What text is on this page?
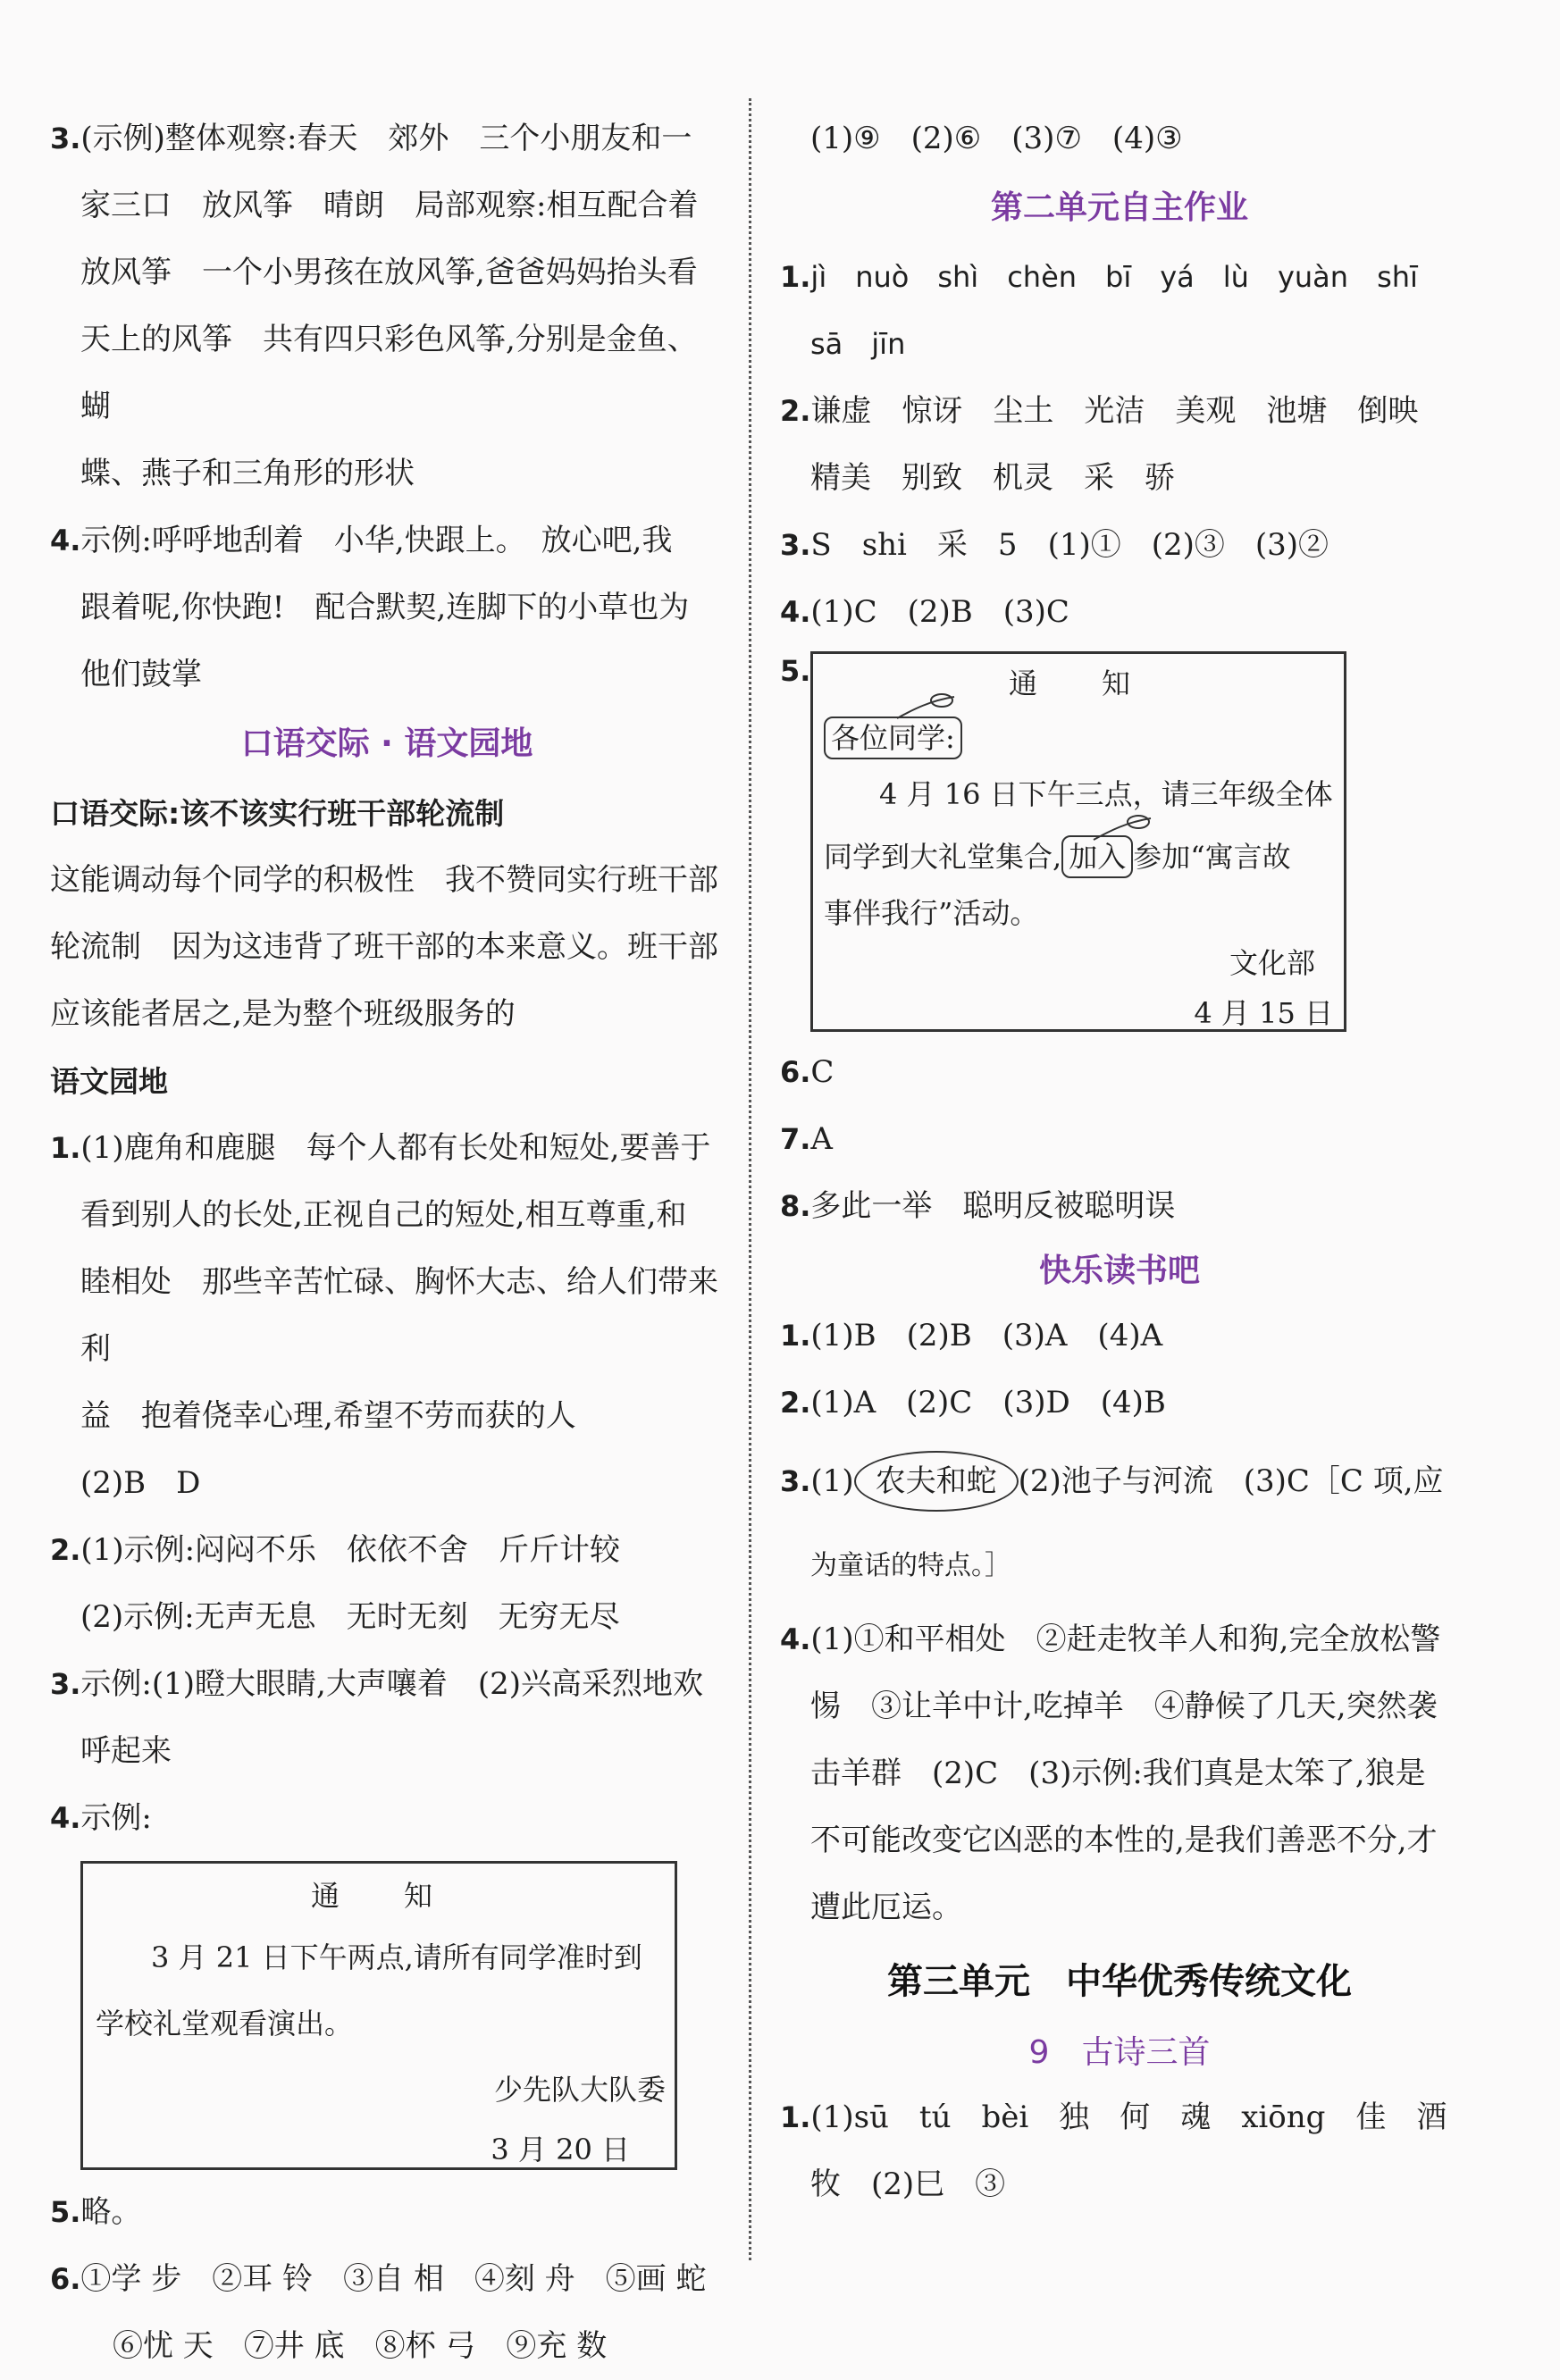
3.(示例)整体观察:春天　郊外　三个小朋友和一

家三口　放风筝　晴朗　局部观察:相互配合着

放风筝　一个小男孩在放风筝,爸爸妈妈抬头看

天上的风筝　共有四只彩色风筝,分别是金鱼、蝴

蝶、燕子和三角形的形状

4.示例:呼呼地刮着　小华,快跟上。　放心吧,我

跟着呢,你快跑!　配合默契,连脚下的小草也为

他们鼓掌

口语交际 · 语文园地

口语交际:该不该实行班干部轮流制

这能调动每个同学的积极性　我不赞同实行班干部

轮流制　因为这违背了班干部的本来意义。班干部

应该能者居之,是为整个班级服务的

语文园地

1.(1)鹿角和鹿腿　每个人都有长处和短处,要善于

看到别人的长处,正视自己的短处,相互尊重,和

睦相处　那些辛苦忙碌、胸怀大志、给人们带来利

益　抱着侥幸心理,希望不劳而获的人

(2)B　D

2.(1)示例:闷闷不乐　依依不舍　斤斤计较

(2)示例:无声无息　无时无刻　无穷无尽

3.示例:(1)瞪大眼睛,大声嚷着　(2)兴高采烈地欢

呼起来

4.示例:

通　知
3 月 21 日下午两点,请所有同学准时到
学校礼堂观看演出。
少先队大队委
3 月 20 日

5.略。

6.①学 步　②耳 铃　③自 相　④刻 舟　⑤画 蛇

⑥忧 天　⑦井 底　⑧杯 弓　⑨充 数

(1)⑨　(2)⑥　(3)⑦　(4)③

第二单元自主作业

1.jì　nuò　shì　chèn　bī　yá　lù　yuàn　shī

sā　jīn

2.谦虚　惊讶　尘土　光洁　美观　池塘　倒映

精美　别致　机灵　采　骄

3.S　shi　采　5　(1)①　(2)③　(3)②

4.(1)C　(2)B　(3)C

5.	通　知
各位同学:
4 月 16 日下午三点，请三年级全体
同学到大礼堂集合, 加入 参加“寓言故
事伴我行”活动。
文化部
4 月 15 日

6.C

7.A

8.多此一举　聪明反被聪明误

快乐读书吧

1.(1)B　(2)B　(3)A　(4)A

2.(1)A　(2)C　(3)D　(4)B

3.(1) 农夫和蛇 (2)池子与河流　(3)C［C 项,应

为童话的特点。］

4.(1)①和平相处　②赶走牧羊人和狗,完全放松警

惕　③让羊中计,吃掉羊　④静候了几天,突然袭

击羊群　(2)C　(3)示例:我们真是太笨了,狼是

不可能改变它凶恶的本性的,是我们善恶不分,才

遭此厄运。

第三单元　中华优秀传统文化

9　古诗三首

1.(1)sū　tú　bèi　独　何　魂　xiōng　佳　酒

牧　(2)巳　③
